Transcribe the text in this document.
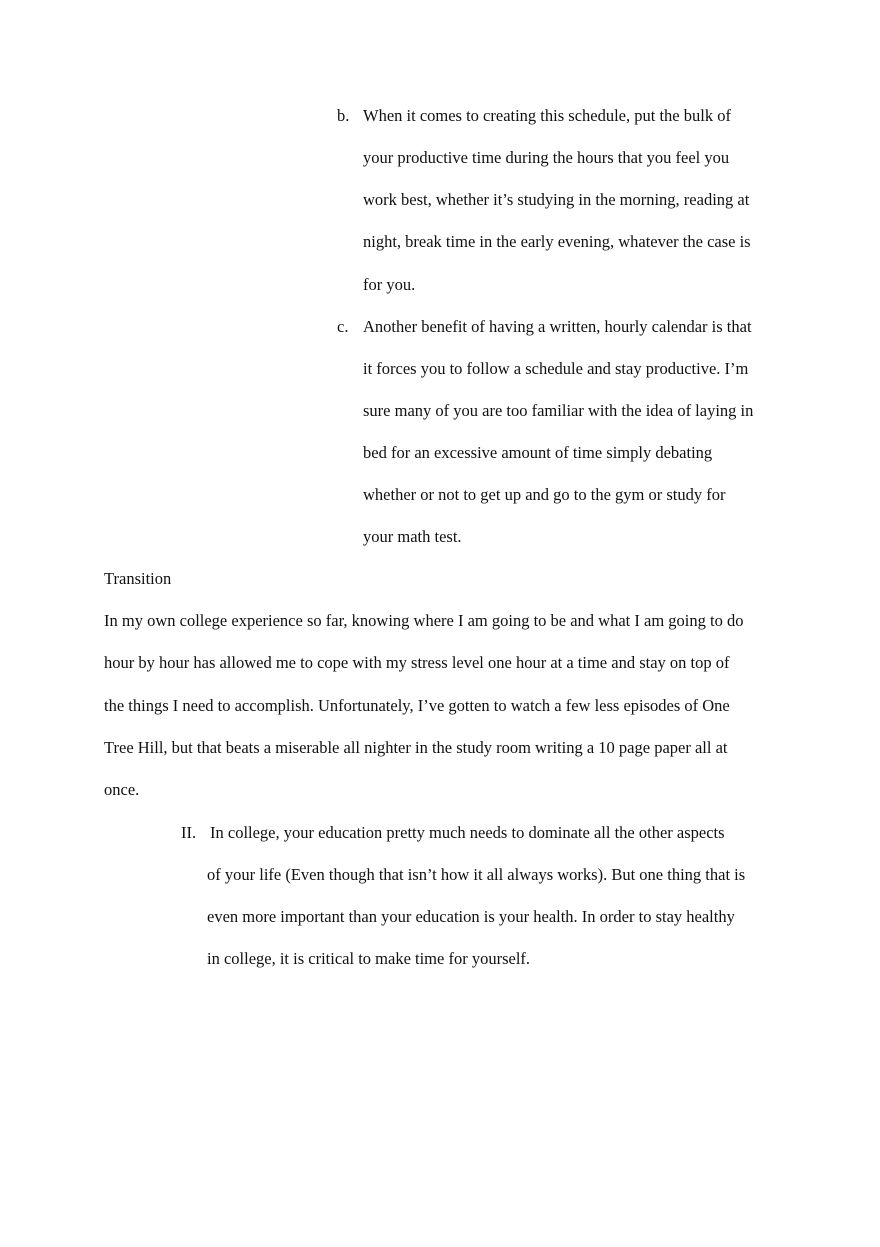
b. When it comes to creating this schedule, put the bulk of
your productive time during the hours that you feel you
work best, whether it’s studying in the morning, reading at
night, break time in the early evening, whatever the case is
for you.
c. Another benefit of having a written, hourly calendar is that
it forces you to follow a schedule and stay productive. I’m
sure many of you are too familiar with the idea of laying in
bed for an excessive amount of time simply debating
whether or not to get up and go to the gym or study for
your math test.
Transition
In my own college experience so far, knowing where I am going to be and what I am going to do
hour by hour has allowed me to cope with my stress level one hour at a time and stay on top of
the things I need to accomplish. Unfortunately, I’ve gotten to watch a few less episodes of One
Tree Hill, but that beats a miserable all nighter in the study room writing a 10 page paper all at
once.
II. In college, your education pretty much needs to dominate all the other aspects
of your life (Even though that isn’t how it all always works). But one thing that is
even more important than your education is your health. In order to stay healthy
in college, it is critical to make time for yourself.
